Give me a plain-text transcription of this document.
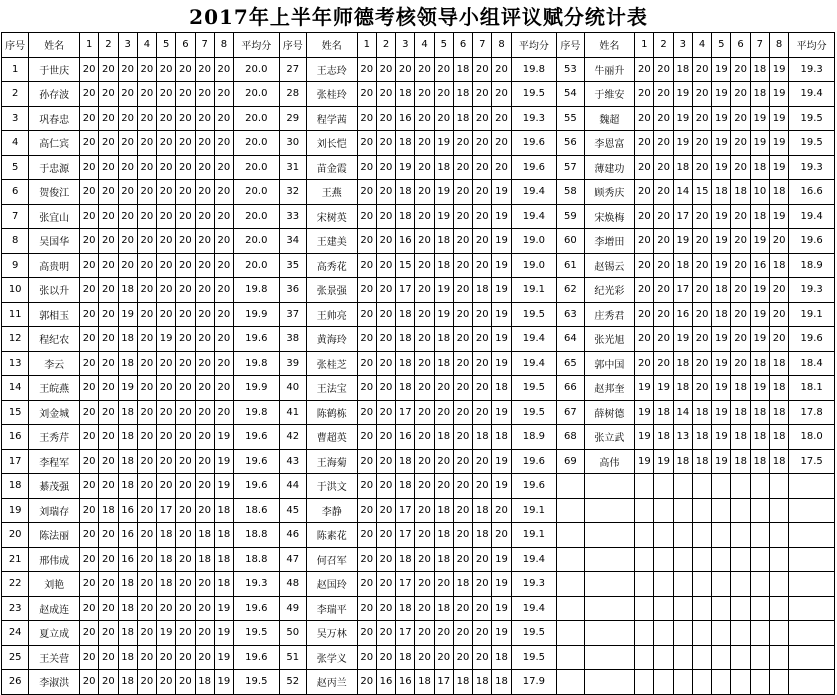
2017年上半年师德考核领导小组评议赋分统计表
序号	姓名	1	2	3	4	5	6	7	8	平均分	序号	姓名	1	2	3	4	5	6	7	8	平均分	序号	姓名	1	2	3	4	5	6	7	8	平均分
1	于世庆	20	20	20	20	20	20	20	20	20.0	27	王志玲	20	20	20	20	20	18	20	20	19.8	53	牛丽升	20	20	18	20	19	20	18	19	19.3
2	孙存波	20	20	20	20	20	20	20	20	20.0	28	张桂玲	20	20	18	20	20	18	20	20	19.5	54	于维安	20	20	19	20	19	20	18	19	19.4
3	巩春忠	20	20	20	20	20	20	20	20	20.0	29	程学茜	20	20	16	20	20	18	20	20	19.3	55	魏超	20	20	19	20	19	20	19	19	19.5
4	高仁宾	20	20	20	20	20	20	20	20	20.0	30	刘长恺	20	20	18	20	19	20	20	20	19.6	56	李恩富	20	20	19	20	19	20	19	19	19.5
5	于忠源	20	20	20	20	20	20	20	20	20.0	31	苗金霞	20	20	19	20	18	20	20	20	19.6	57	薄建功	20	20	18	20	19	20	18	19	19.3
6	贺俊江	20	20	20	20	20	20	20	20	20.0	32	王燕	20	20	18	20	19	20	20	19	19.4	58	顾秀庆	20	20	14	15	18	18	10	18	16.6
7	张宜山	20	20	20	20	20	20	20	20	20.0	33	宋树英	20	20	18	20	19	20	20	19	19.4	59	宋焕梅	20	20	17	20	19	20	18	19	19.4
8	吴国华	20	20	20	20	20	20	20	20	20.0	34	王建美	20	20	16	20	18	20	20	19	19.0	60	李增田	20	20	19	20	19	20	19	20	19.6
9	高贵明	20	20	20	20	20	20	20	20	20.0	35	高秀花	20	20	15	20	18	20	20	19	19.0	61	赵锡云	20	20	18	20	19	20	16	18	18.9
10	张以升	20	20	18	20	20	20	20	20	19.8	36	张景强	20	20	17	20	19	20	18	19	19.1	62	纪光彩	20	20	17	20	18	20	19	20	19.3
11	郭相玉	20	20	19	20	20	20	20	20	19.9	37	王帅亮	20	20	18	20	19	20	20	19	19.5	63	庄秀君	20	20	16	20	18	20	19	20	19.1
12	程纪农	20	20	18	20	19	20	20	20	19.6	38	黄海玲	20	20	18	20	18	20	20	19	19.4	64	张光旭	20	20	19	20	19	20	19	20	19.6
13	李云	20	20	18	20	20	20	20	20	19.8	39	张桂芝	20	20	18	20	18	20	20	19	19.4	65	郭中国	20	20	18	20	19	20	18	18	18.4
14	王皖燕	20	20	19	20	20	20	20	20	19.9	40	王法宝	20	20	18	20	20	20	20	18	19.5	66	赵邦奎	19	19	18	20	19	18	19	18	18.1
15	刘金城	20	20	18	20	20	20	20	20	19.8	41	陈鹤栋	20	20	17	20	20	20	20	19	19.5	67	薛树德	19	18	14	18	19	18	18	18	17.8
16	王秀芹	20	20	18	20	20	20	20	19	19.6	42	曹超英	20	20	16	20	18	20	18	18	18.9	68	张立武	19	18	13	18	19	18	18	18	18.0
17	李程军	20	20	18	20	20	20	20	19	19.6	43	王海菊	20	20	18	20	20	20	20	19	19.6	69	高伟	19	19	18	18	19	18	18	18	17.5
18	綦茂强	20	20	18	20	20	20	20	19	19.6	44	于洪文	20	20	18	20	20	20	20	19	19.6											
19	刘瑞存	20	18	16	20	17	20	20	18	18.6	45	李静	20	20	17	20	18	20	18	20	19.1											
20	陈法丽	20	20	16	20	18	20	18	18	18.8	46	陈素花	20	20	17	20	18	20	18	20	19.1											
21	邢伟成	20	20	16	20	18	20	18	18	18.8	47	何召军	20	20	18	20	18	20	20	19	19.4											
22	刘艳	20	20	18	20	18	20	20	18	19.3	48	赵国玲	20	20	17	20	20	18	20	19	19.3											
23	赵成连	20	20	18	20	20	20	20	19	19.6	49	李瑞平	20	20	18	20	18	20	20	19	19.4											
24	夏立成	20	20	18	20	19	20	20	19	19.5	50	吴万林	20	20	17	20	20	20	20	19	19.5											
25	王关营	20	20	18	20	20	20	20	19	19.6	51	张学义	20	20	18	20	20	20	20	18	19.5											
26	李淑洪	20	20	18	20	20	20	18	19	19.5	52	赵丙兰	20	16	16	18	17	18	18	18	17.9											
